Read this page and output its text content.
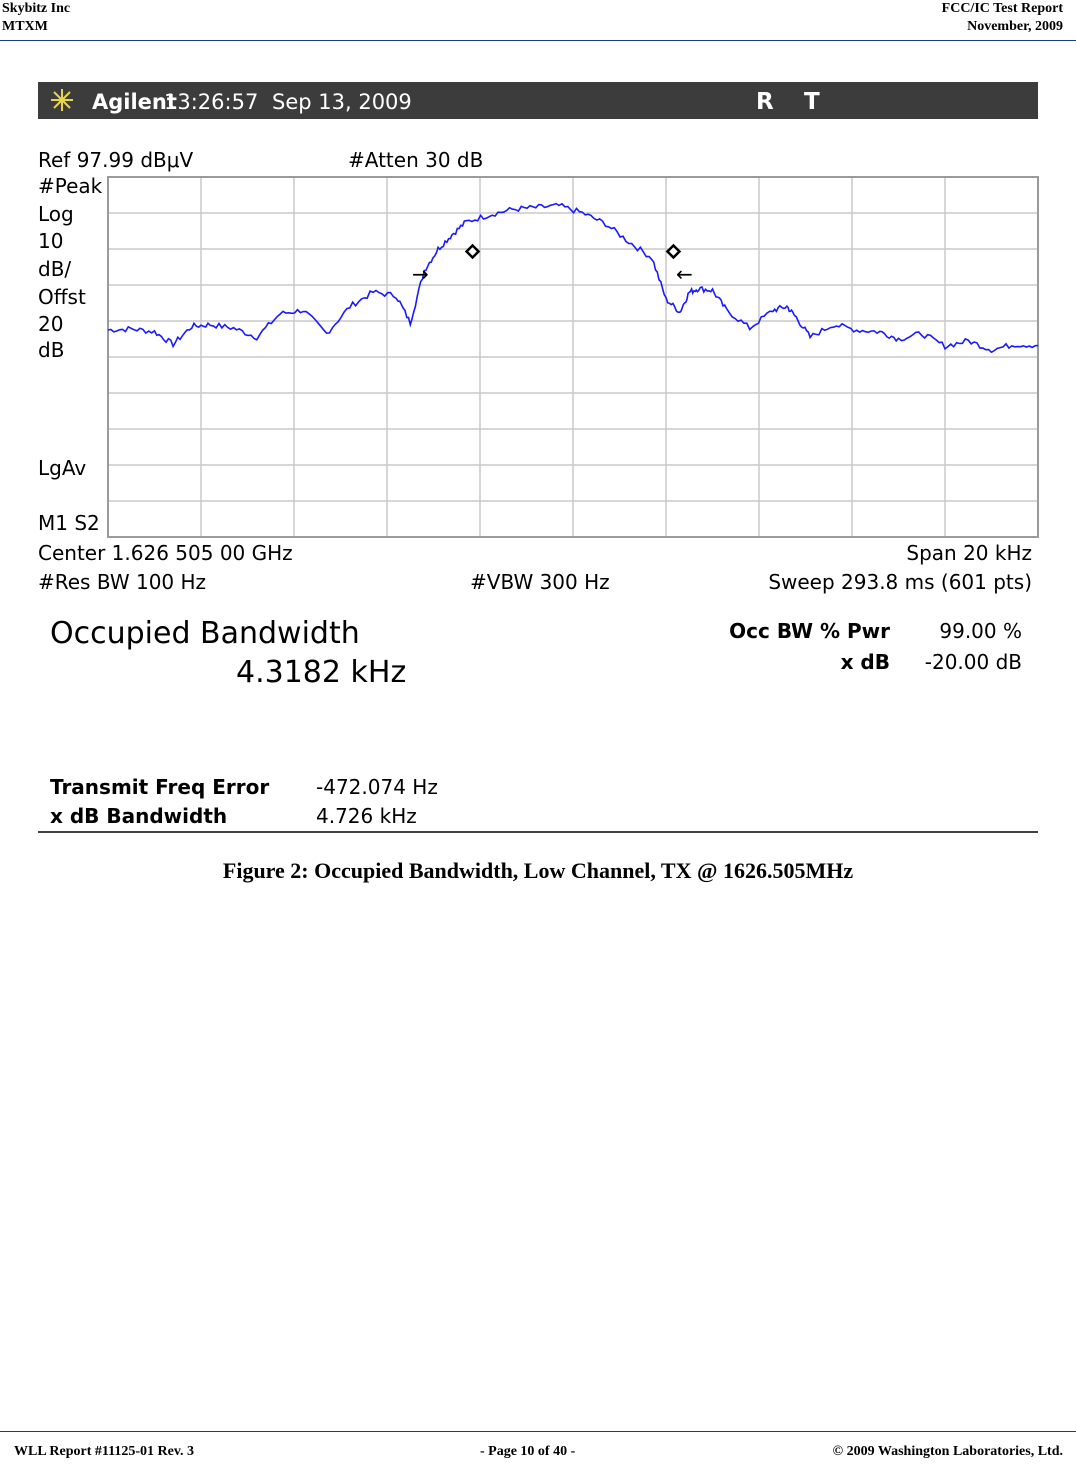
Skybitz Inc
MTXM
FCC/IC Test Report
November, 2009
Agilent
13:26:57 Sep 13, 2009	R T
Ref 97.99 dBμV	#Atten 30 dB
#Peak
Log
10
dB/
Offst
20
dB
LgAv
M1 S2
→	←
Center 1.626 505 00 GHz	Span 20 kHz
#Res BW 100 Hz	#VBW 300 Hz	Sweep 293.8 ms (601 pts)
Occupied Bandwidth
4.3182 kHz
Occ BW % Pwr 99.00 %
x dB -20.00 dB
Transmit Freq Error -472.074 Hz
x dB Bandwidth	4.726 kHz
Figure 2: Occupied Bandwidth, Low Channel, TX @ 1626.505MHz
WLL Report #11125-01 Rev. 3	- Page 10 of 40 -	© 2009 Washington Laboratories, Ltd.
